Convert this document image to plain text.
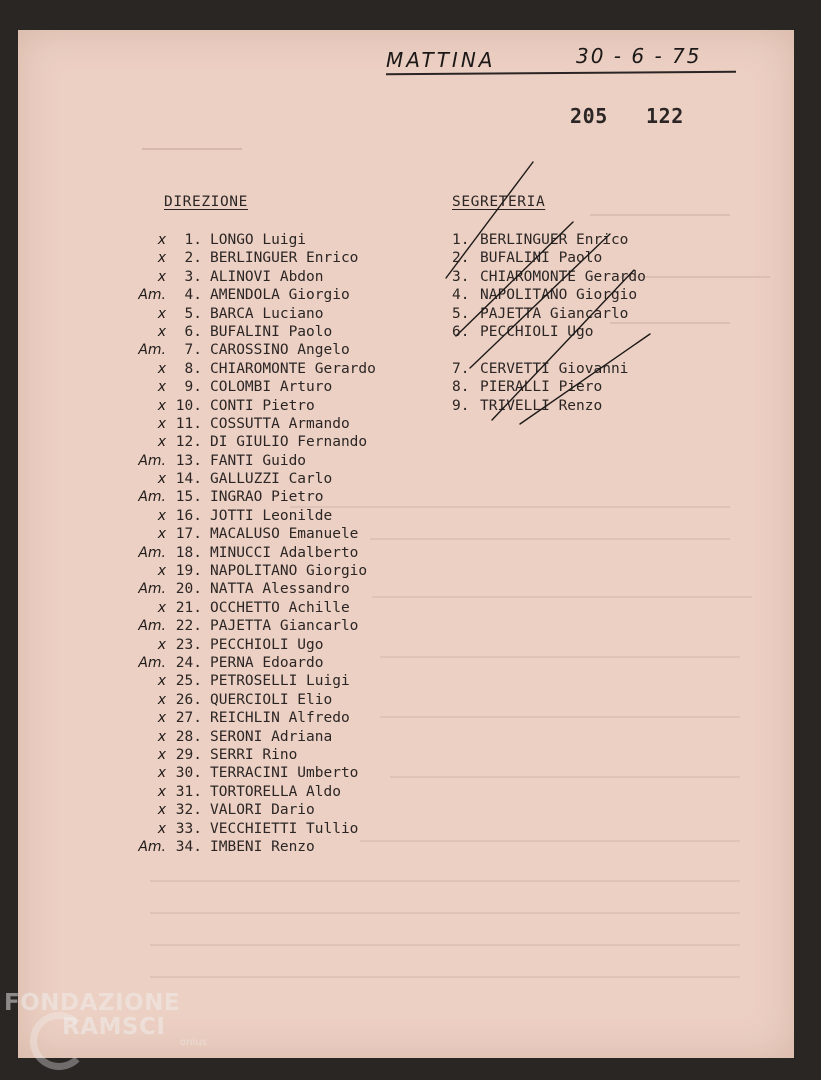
MATTINA	30 - 6 - 75
205 122
DIREZIONE	SEGRETERIA
x 1. LONGO Luigi
x 2. BERLINGUER Enrico
x 3. ALINOVI Abdon
Am. 4. AMENDOLA Giorgio
x 5. BARCA Luciano
x 6. BUFALINI Paolo
Am. 7. CAROSSINO Angelo
x 8. CHIAROMONTE Gerardo
x 9. COLOMBI Arturo
x 10. CONTI Pietro
x 11. COSSUTTA Armando
x 12. DI GIULIO Fernando
Am. 13. FANTI Guido
x 14. GALLUZZI Carlo
Am. 15. INGRAO Pietro
x 16. JOTTI Leonilde
x 17. MACALUSO Emanuele
Am. 18. MINUCCI Adalberto
x 19. NAPOLITANO Giorgio
Am. 20. NATTA Alessandro
x 21. OCCHETTO Achille
Am. 22. PAJETTA Giancarlo
x 23. PECCHIOLI Ugo
Am. 24. PERNA Edoardo
x 25. PETROSELLI Luigi
x 26. QUERCIOLI Elio
x 27. REICHLIN Alfredo
x 28. SERONI Adriana
x 29. SERRI Rino
x 30. TERRACINI Umberto
x 31. TORTORELLA Aldo
x 32. VALORI Dario
x 33. VECCHIETTI Tullio
Am. 34. IMBENI Renzo
1. BERLINGUER Enrico
2. BUFALINI Paolo
3. CHIAROMONTE Gerardo
4. NAPOLITANO Giorgio
5. PAJETTA Giancarlo
6. PECCHIOLI Ugo
7. CERVETTI Giovanni
8. PIERALLI Piero
9. TRIVELLI Renzo
FONDAZIONE
RAMSCI
onlus
